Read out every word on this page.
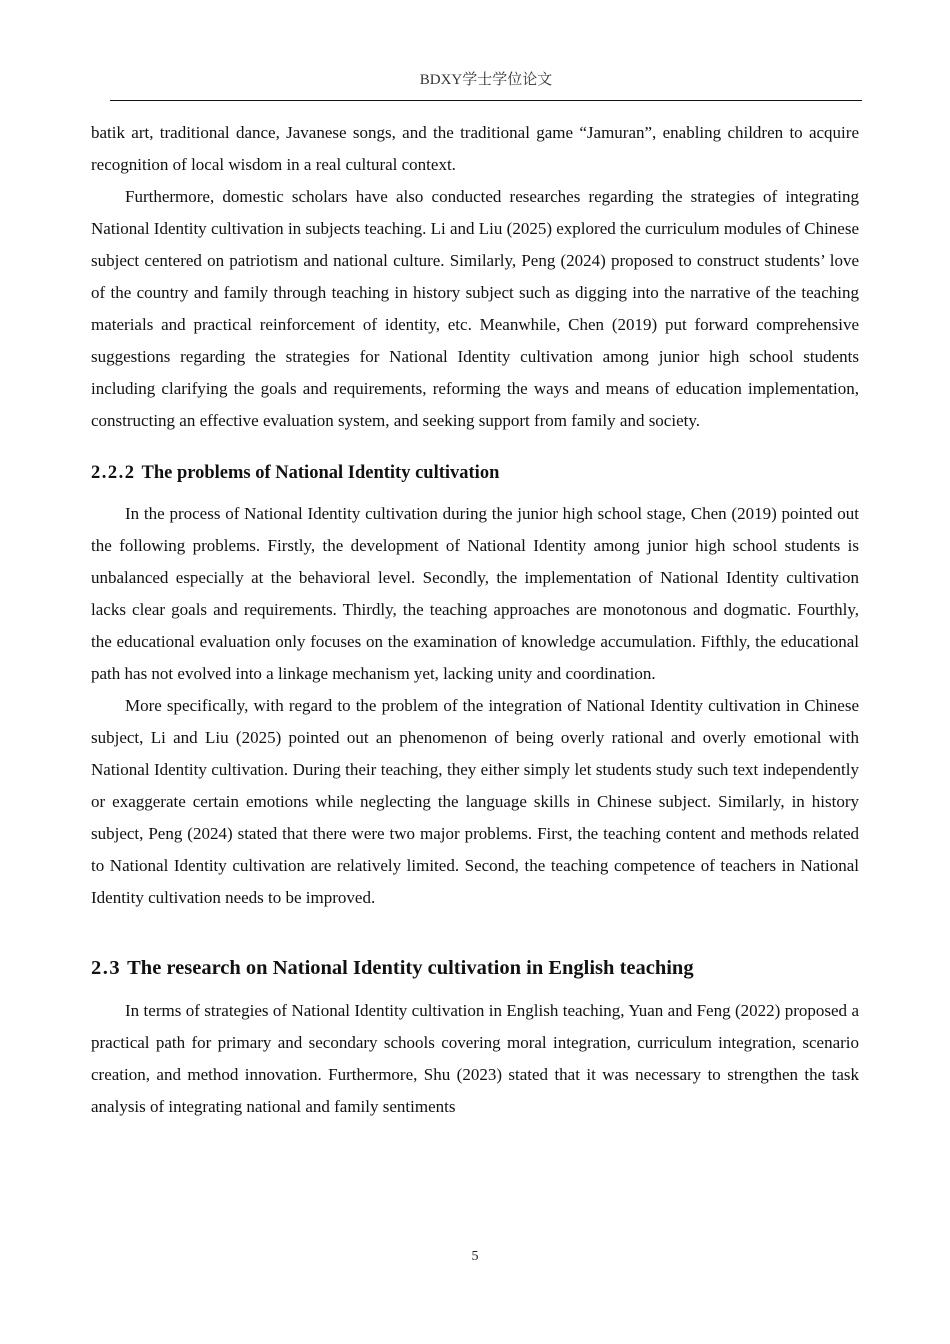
BDXY学士学位论文

batik art, traditional dance, Javanese songs, and the traditional game “Jamuran”, enabling children to acquire recognition of local wisdom in a real cultural context.

Furthermore, domestic scholars have also conducted researches regarding the strategies of integrating National Identity cultivation in subjects teaching. Li and Liu (2025) explored the curriculum modules of Chinese subject centered on patriotism and national culture. Similarly, Peng (2024) proposed to construct students’ love of the country and family through teaching in history subject such as digging into the narrative of the teaching materials and practical reinforcement of identity, etc. Meanwhile, Chen (2019) put forward comprehensive suggestions regarding the strategies for National Identity cultivation among junior high school students including clarifying the goals and requirements, reforming the ways and means of education implementation, constructing an effective evaluation system, and seeking support from family and society.

2.2.2 The problems of National Identity cultivation

In the process of National Identity cultivation during the junior high school stage, Chen (2019) pointed out the following problems. Firstly, the development of National Identity among junior high school students is unbalanced especially at the behavioral level. Secondly, the implementation of National Identity cultivation lacks clear goals and requirements. Thirdly, the teaching approaches are monotonous and dogmatic. Fourthly, the educational evaluation only focuses on the examination of knowledge accumulation. Fifthly, the educational path has not evolved into a linkage mechanism yet, lacking unity and coordination.

More specifically, with regard to the problem of the integration of National Identity cultivation in Chinese subject, Li and Liu (2025) pointed out an phenomenon of being overly rational and overly emotional with National Identity cultivation. During their teaching, they either simply let students study such text independently or exaggerate certain emotions while neglecting the language skills in Chinese subject. Similarly, in history subject, Peng (2024) stated that there were two major problems. First, the teaching content and methods related to National Identity cultivation are relatively limited. Second, the teaching competence of teachers in National Identity cultivation needs to be improved.

2.3 The research on National Identity cultivation in English teaching

In terms of strategies of National Identity cultivation in English teaching, Yuan and Feng (2022) proposed a practical path for primary and secondary schools covering moral integration, curriculum integration, scenario creation, and method innovation. Furthermore, Shu (2023) stated that it was necessary to strengthen the task analysis of integrating national and family sentiments

5
